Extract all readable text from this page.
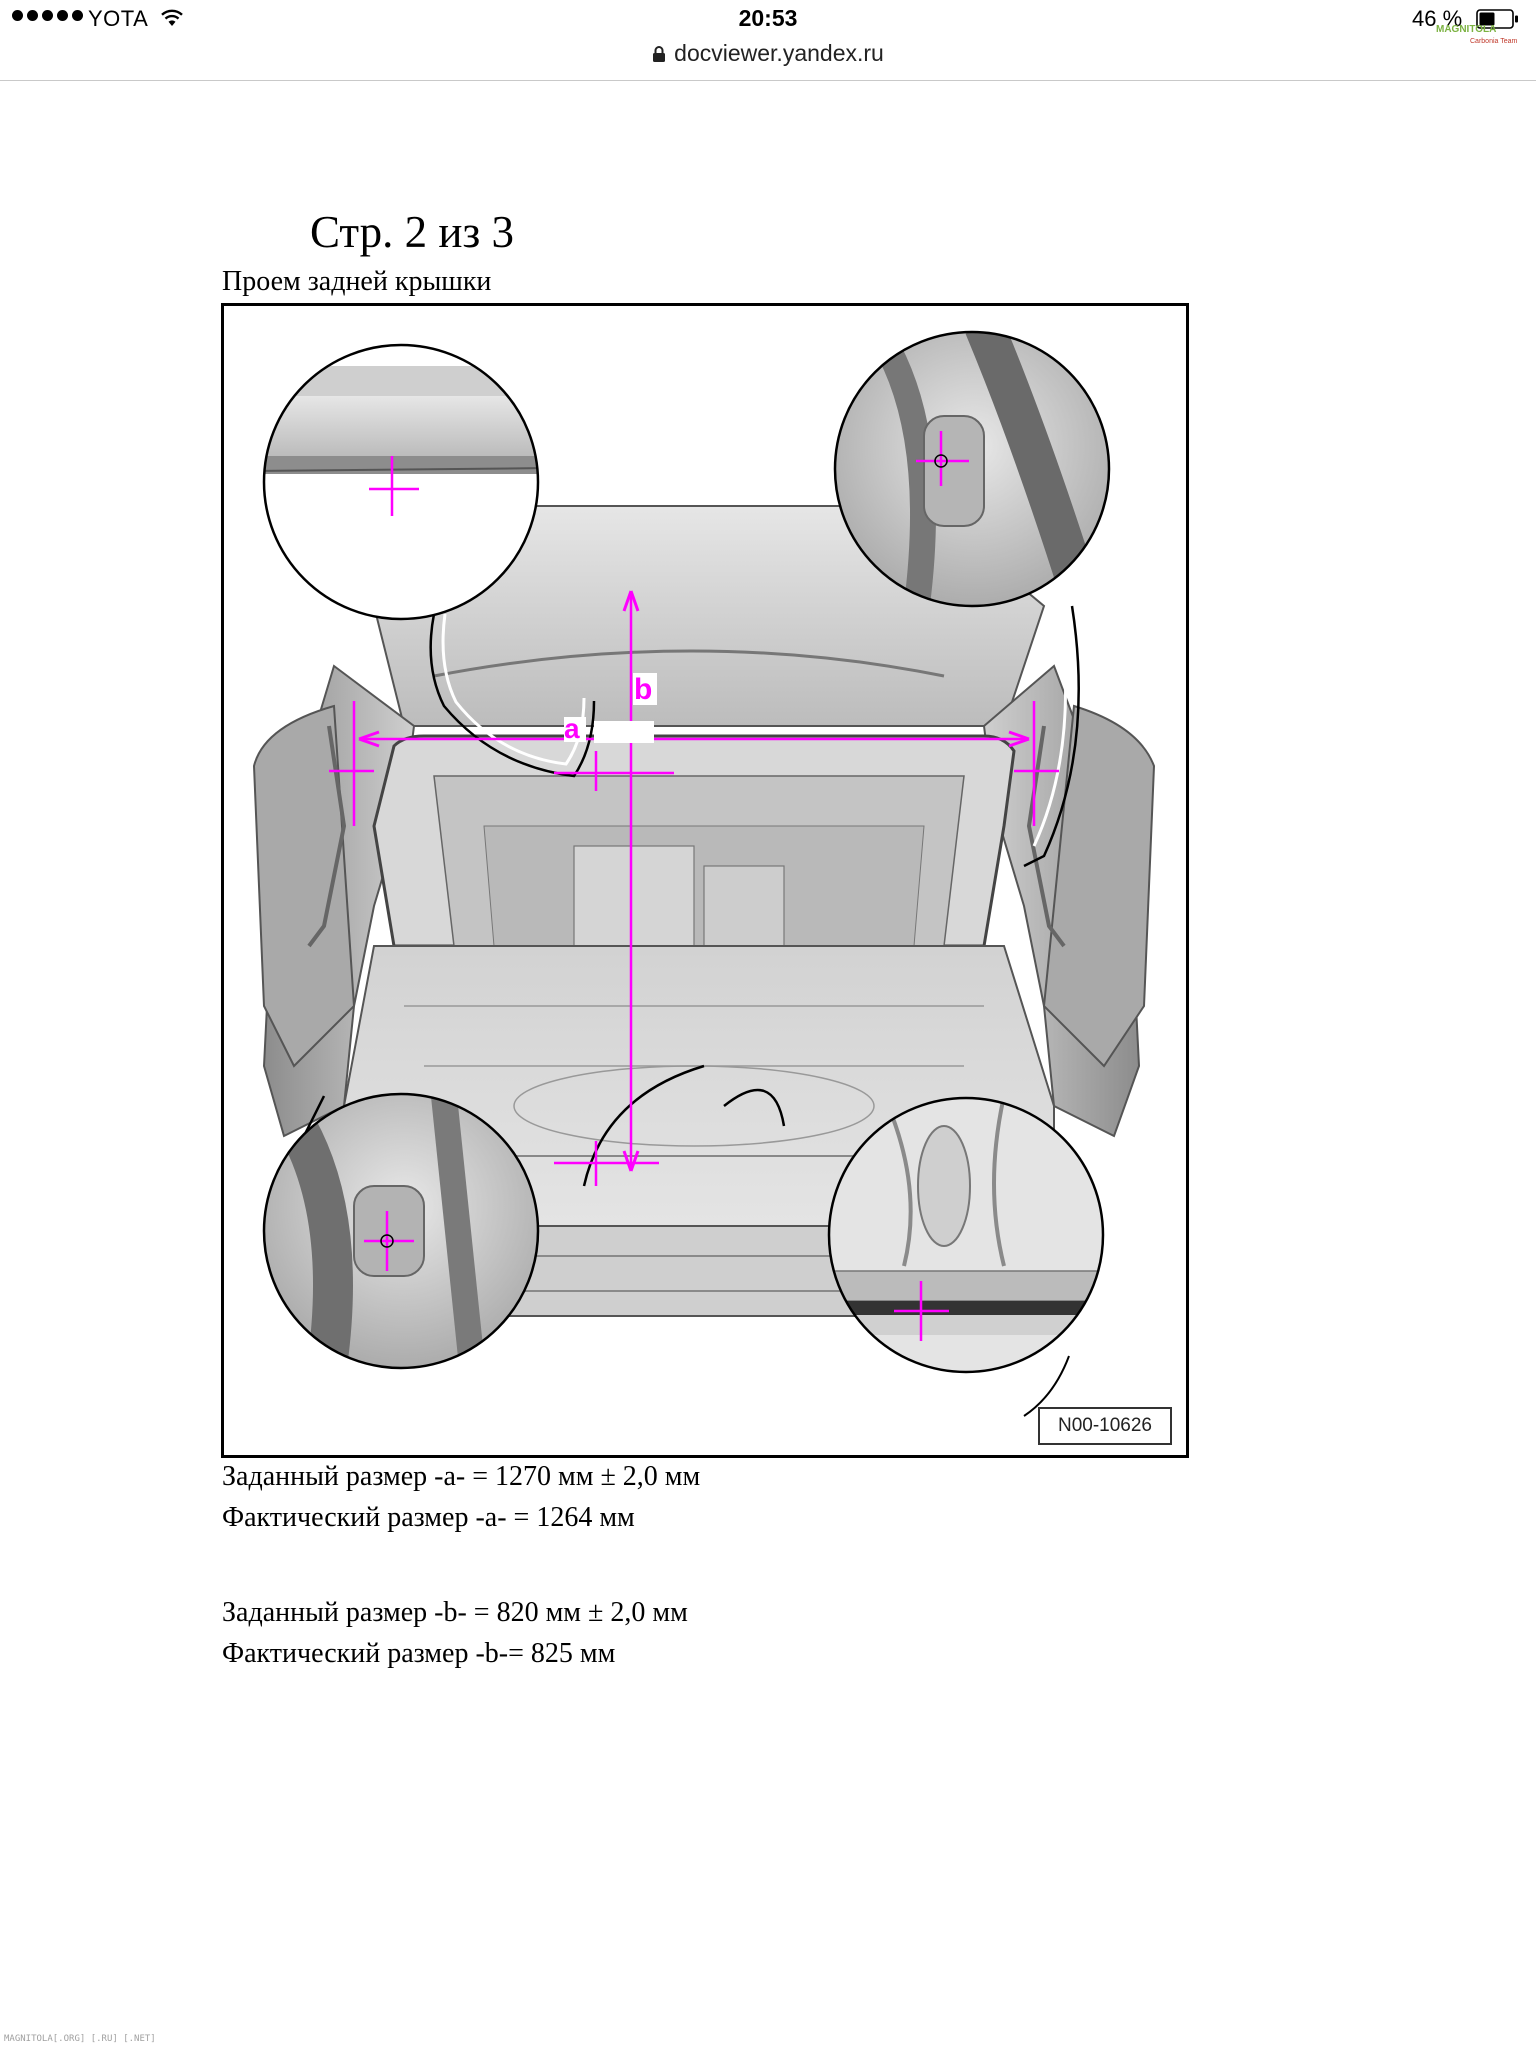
YOTA	20:53
docviewer.yandex.ru
46 %
MAGNITOLA
Carbonia Team
Стр. 2 из 3
Проем задней крышки
a
b
N00-10626
Заданный размер -a- = 1270 мм ± 2,0 мм
Фактический размер -a- = 1264 мм
Заданный размер -b- = 820 мм ± 2,0 мм
Фактический размер -b-= 825 мм
MAGNITOLA[.ORG] [.RU] [.NET]
